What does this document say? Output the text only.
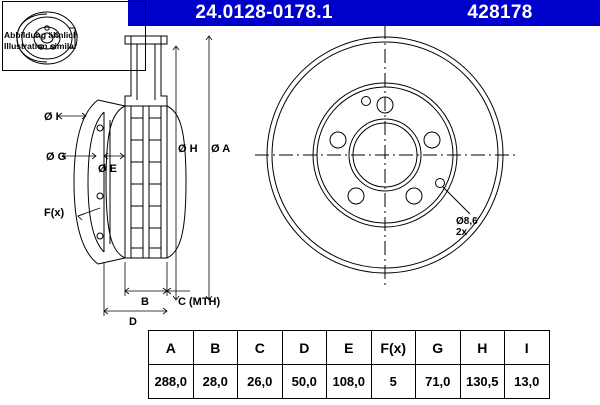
24.0128-0178.1	428178
Abbildung ähnlich
Illustration similar
Ø I
Ø G
Ø E
Ø H Ø A
F(x)
B	C (MTH)
D
Ø8,6
2x
A	B	C	D	E	F(x)	G	H	I
288,0	28,0	26,0	50,0	108,0	5	71,0	130,5	13,0
